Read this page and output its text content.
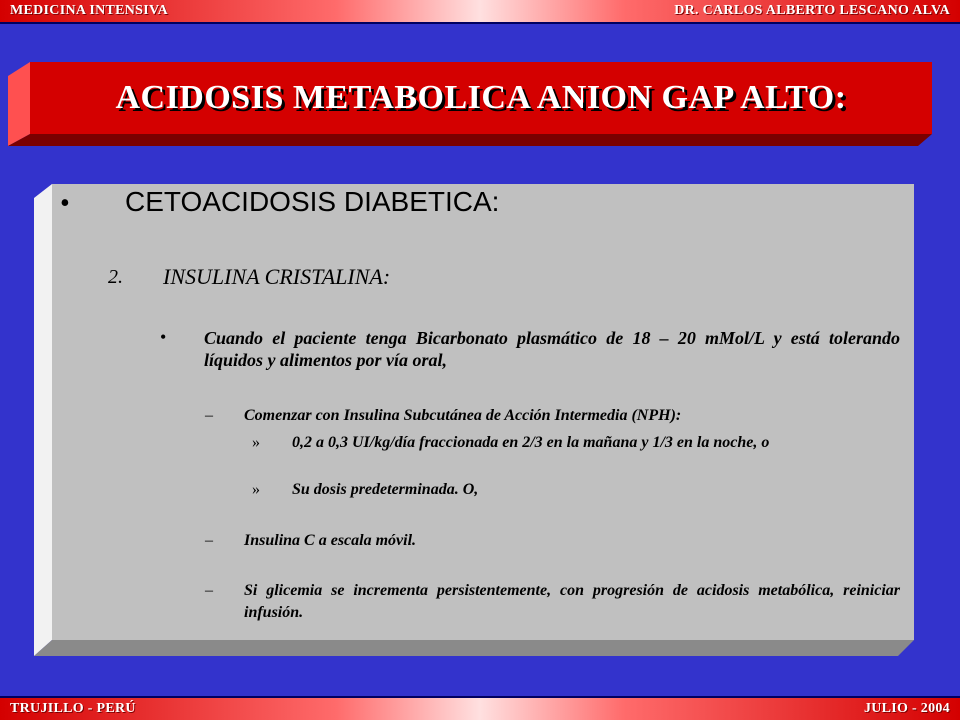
MEDICINA INTENSIVA	DR. CARLOS ALBERTO LESCANO ALVA
ACIDOSIS METABOLICA ANION GAP ALTO:
• CETOACIDOSIS DIABETICA:
2. INSULINA CRISTALINA:
• Cuando el paciente tenga Bicarbonato plasmático de 18 – 20 mMol/L y está tolerando líquidos y alimentos por vía oral,
– Comenzar con Insulina Subcutánea de Acción Intermedia (NPH):
» 0,2 a 0,3 UI/kg/día fraccionada en 2/3 en la mañana y 1/3 en la noche, o
» Su dosis predeterminada. O,
– Insulina C a escala móvil.
– Si glicemia se incrementa persistentemente, con progresión de acidosis metabólica, reiniciar infusión.
TRUJILLO - PERÚ	JULIO - 2004
